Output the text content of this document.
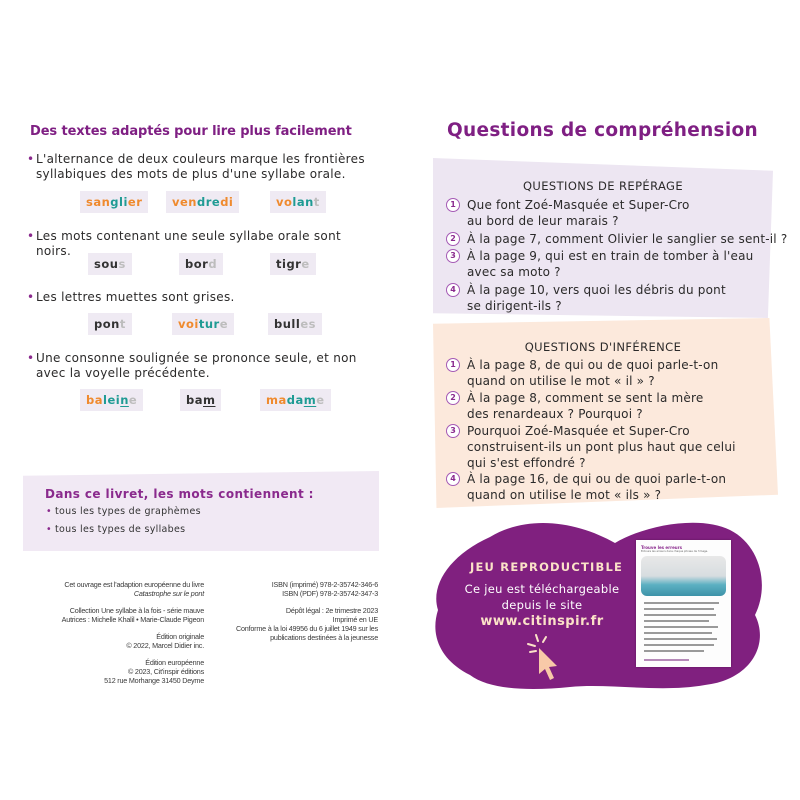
Des textes adaptés pour lire plus facilement
• L'alternance de deux couleurs marque les frontières
syllabiques des mots de plus d'une syllabe orale.
sanglier	vendredi	volant
• Les mots contenant une seule syllabe orale sont noirs.
sous	bord	tigre
• Les lettres muettes sont grises.
pont	voiture	bulles
• Une consonne soulignée se prononce seule, et non
avec la voyelle précédente.
baleine	bam	madame
Dans ce livret, les mots contiennent :
• tous les types de graphèmes
• tous les types de syllabes
Cet ouvrage est l'adaption européenne du livre
Catastrophe sur le pont
Collection Une syllabe à la fois - série mauve
Autrices : Michelle Khalil • Marie-Claude Pigeon
Édition originale
© 2022, Marcel Didier inc.
Édition européenne
© 2023, Cit'inspir éditions
512 rue Morhange 31450 Deyme
ISBN (imprimé) 978-2-35742-346-6
ISBN (PDF) 978-2-35742-347-3
Dépôt légal : 2e trimestre 2023
Imprimé en UE
Conforme à la loi 49956 du 6 juillet 1949 sur les
publications destinées à la jeunesse
Questions de compréhension
QUESTIONS DE REPÉRAGE
1 Que font Zoé-Masquée et Super-Cro
au bord de leur marais ?
2 À la page 7, comment Olivier le sanglier se sent-il ?
3 À la page 9, qui est en train de tomber à l'eau
avec sa moto ?
4 À la page 10, vers quoi les débris du pont
se dirigent-ils ?
QUESTIONS D'INFÉRENCE
1 À la page 8, de qui ou de quoi parle-t-on
quand on utilise le mot « il » ?
2 À la page 8, comment se sent la mère
des renardeaux ? Pourquoi ?
3 Pourquoi Zoé-Masquée et Super-Cro
construisent-ils un pont plus haut que celui
qui s'est effondré ?
4 À la page 16, de qui ou de quoi parle-t-on
quand on utilise le mot « ils » ?
JEU REPRODUCTIBLE
Ce jeu est téléchargeable
depuis le site
www.citinspir.fr
Trouve les erreurs
Entoure les erreurs dans chaque phrase de l'image.
